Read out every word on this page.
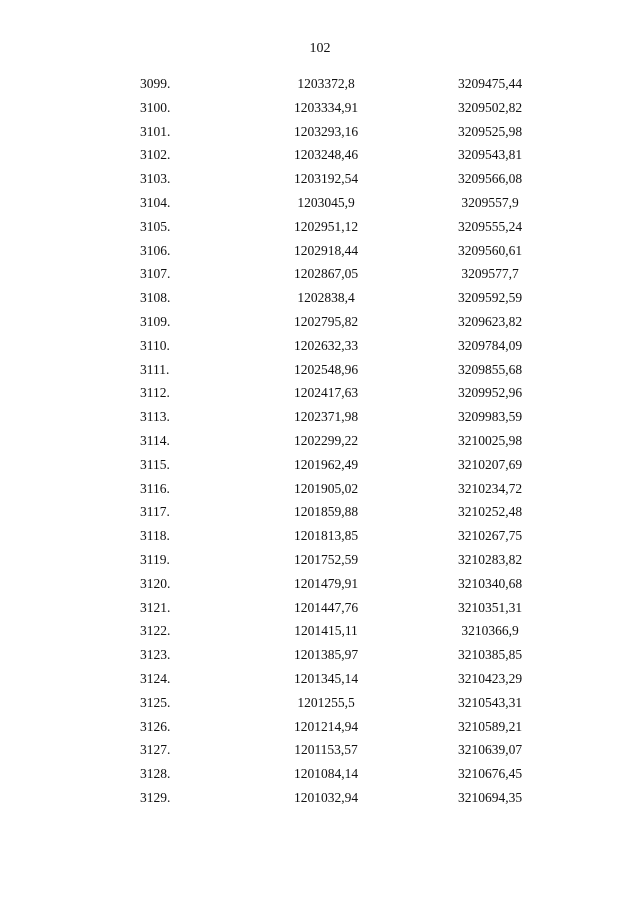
102
3099.	1203372,8	3209475,44
3100.	1203334,91	3209502,82
3101.	1203293,16	3209525,98
3102.	1203248,46	3209543,81
3103.	1203192,54	3209566,08
3104.	1203045,9	3209557,9
3105.	1202951,12	3209555,24
3106.	1202918,44	3209560,61
3107.	1202867,05	3209577,7
3108.	1202838,4	3209592,59
3109.	1202795,82	3209623,82
3110.	1202632,33	3209784,09
3111.	1202548,96	3209855,68
3112.	1202417,63	3209952,96
3113.	1202371,98	3209983,59
3114.	1202299,22	3210025,98
3115.	1201962,49	3210207,69
3116.	1201905,02	3210234,72
3117.	1201859,88	3210252,48
3118.	1201813,85	3210267,75
3119.	1201752,59	3210283,82
3120.	1201479,91	3210340,68
3121.	1201447,76	3210351,31
3122.	1201415,11	3210366,9
3123.	1201385,97	3210385,85
3124.	1201345,14	3210423,29
3125.	1201255,5	3210543,31
3126.	1201214,94	3210589,21
3127.	1201153,57	3210639,07
3128.	1201084,14	3210676,45
3129.	1201032,94	3210694,35
